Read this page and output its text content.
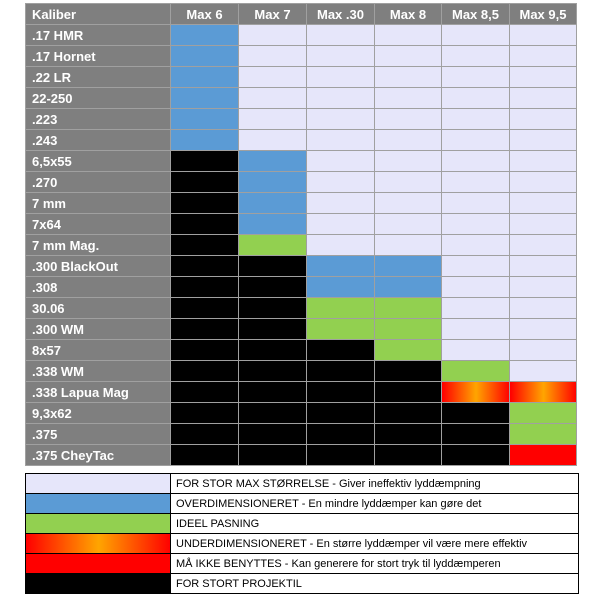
Kaliber	Max 6	Max 7	Max .30	Max 8	Max 8,5	Max 9,5
.17 HMR						
.17 Hornet						
.22 LR						
22-250						
.223						
.243						
6,5x55						
.270						
7 mm						
7x64						
7 mm Mag.						
.300 BlackOut						
.308						
30.06						
.300 WM						
8x57						
.338 WM						
.338 Lapua Mag						
9,3x62						
.375						
.375 CheyTac						
	FOR STOR MAX STØRRELSE - Giver ineffektiv lyddæmpning
	OVERDIMENSIONERET - En mindre lyddæmper kan gøre det
	IDEEL PASNING
	UNDERDIMENSIONERET - En større lyddæmper vil være mere effektiv
	MÅ IKKE BENYTTES - Kan generere for stort tryk til lyddæmperen
	FOR STORT PROJEKTIL
